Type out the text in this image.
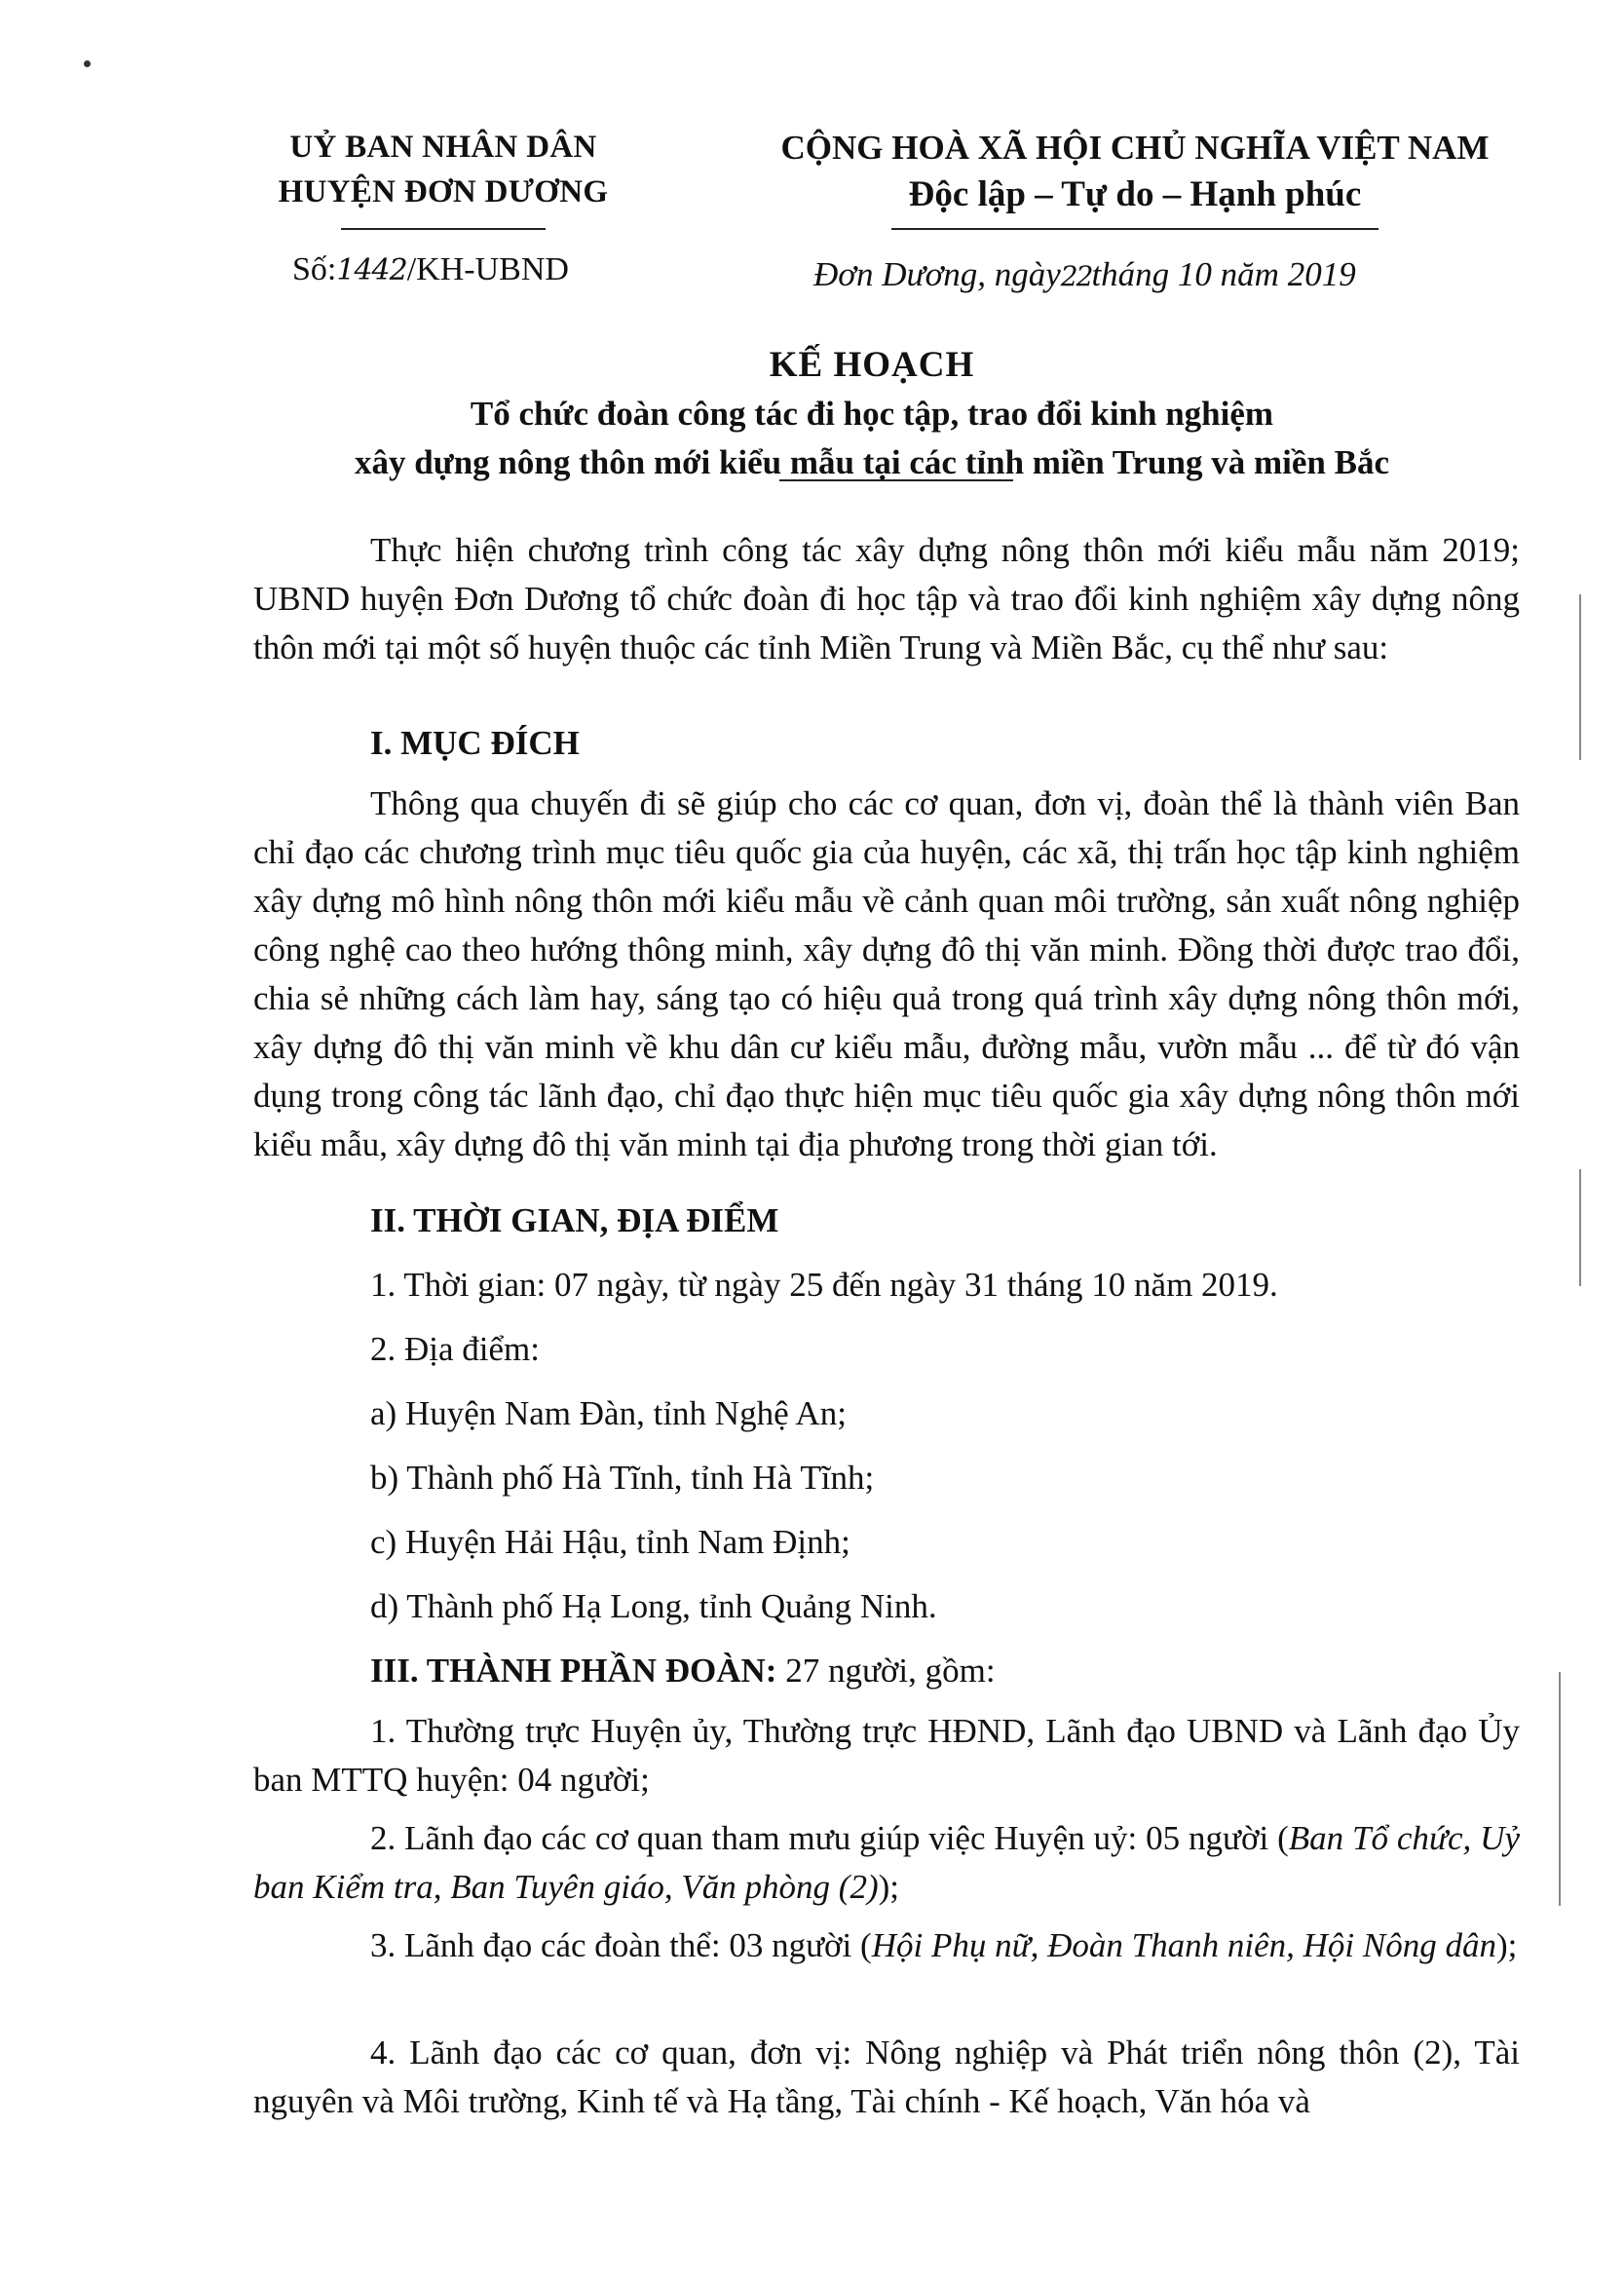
UỶ BAN NHÂN DÂN
HUYỆN ĐƠN DƯƠNG
CỘNG HOÀ XÃ HỘI CHỦ NGHĨA VIỆT NAM
Độc lập – Tự do – Hạnh phúc
Số:1442/KH-UBND	Đơn Dương, ngày22tháng 10 năm 2019
KẾ HOẠCH
Tổ chức đoàn công tác đi học tập, trao đổi kinh nghiệm
xây dựng nông thôn mới kiểu mẫu tại các tỉnh miền Trung và miền Bắc

Thực hiện chương trình công tác xây dựng nông thôn mới kiểu mẫu năm 2019; UBND huyện Đơn Dương tổ chức đoàn đi học tập và trao đổi kinh nghiệm xây dựng nông thôn mới tại một số huyện thuộc các tỉnh Miền Trung và Miền Bắc, cụ thể như sau:

I. MỤC ĐÍCH

Thông qua chuyến đi sẽ giúp cho các cơ quan, đơn vị, đoàn thể là thành viên Ban chỉ đạo các chương trình mục tiêu quốc gia của huyện, các xã, thị trấn học tập kinh nghiệm xây dựng mô hình nông thôn mới kiểu mẫu về cảnh quan môi trường, sản xuất nông nghiệp công nghệ cao theo hướng thông minh, xây dựng đô thị văn minh. Đồng thời được trao đổi, chia sẻ những cách làm hay, sáng tạo có hiệu quả trong quá trình xây dựng nông thôn mới, xây dựng đô thị văn minh về khu dân cư kiểu mẫu, đường mẫu, vườn mẫu ... để từ đó vận dụng trong công tác lãnh đạo, chỉ đạo thực hiện mục tiêu quốc gia xây dựng nông thôn mới kiểu mẫu, xây dựng đô thị văn minh tại địa phương trong thời gian tới.

II. THỜI GIAN, ĐỊA ĐIỂM

1. Thời gian: 07 ngày, từ ngày 25 đến ngày 31 tháng 10 năm 2019.

2. Địa điểm:

a) Huyện Nam Đàn, tỉnh Nghệ An;

b) Thành phố Hà Tĩnh, tỉnh Hà Tĩnh;

c) Huyện Hải Hậu, tỉnh Nam Định;

d) Thành phố Hạ Long, tỉnh Quảng Ninh.

III. THÀNH PHẦN ĐOÀN: 27 người, gồm:

1. Thường trực Huyện ủy, Thường trực HĐND, Lãnh đạo UBND và Lãnh đạo Ủy ban MTTQ huyện: 04 người;

2. Lãnh đạo các cơ quan tham mưu giúp việc Huyện uỷ: 05 người (Ban Tổ chức, Uỷ ban Kiểm tra, Ban Tuyên giáo, Văn phòng (2));

3. Lãnh đạo các đoàn thể: 03 người (Hội Phụ nữ, Đoàn Thanh niên, Hội Nông dân);

4. Lãnh đạo các cơ quan, đơn vị: Nông nghiệp và Phát triển nông thôn (2), Tài nguyên và Môi trường, Kinh tế và Hạ tầng, Tài chính - Kế hoạch, Văn hóa và
